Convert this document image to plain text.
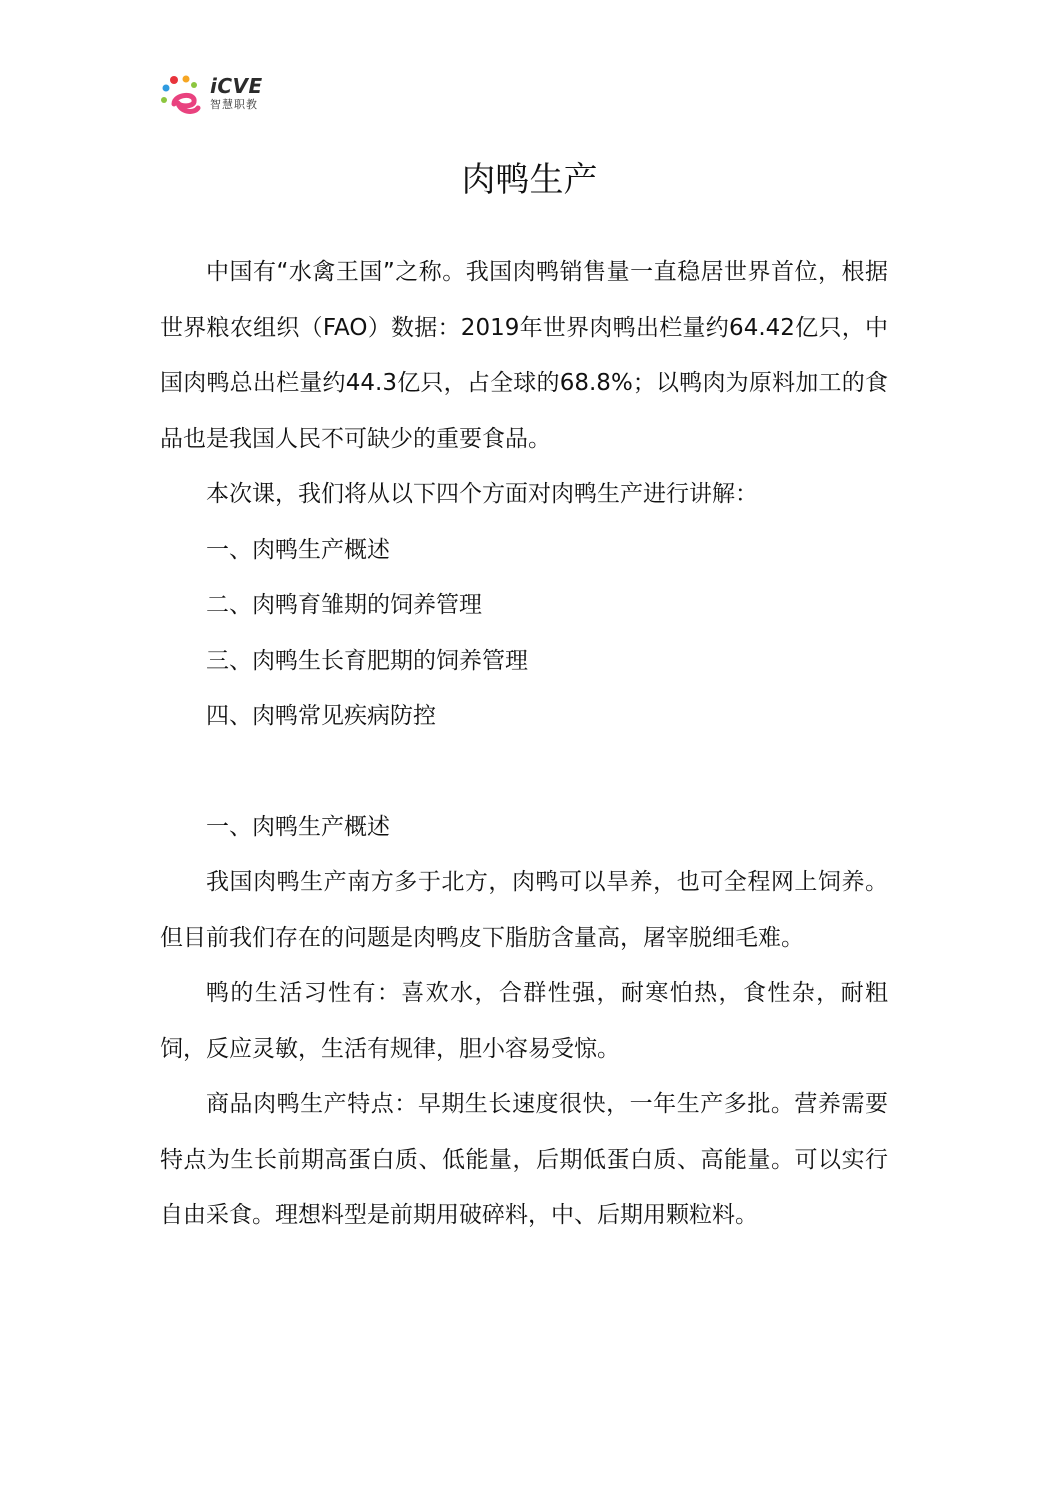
iCVE
智慧职教
肉鸭生产

中国有“水禽王国”之称。我国肉鸭销售量一直稳居世界首位，根据世界粮农组织（FAO）数据：2019年世界肉鸭出栏量约64.42亿只，中国肉鸭总出栏量约44.3亿只，占全球的68.8%；以鸭肉为原料加工的食品也是我国人民不可缺少的重要食品。

本次课，我们将从以下四个方面对肉鸭生产进行讲解：

一、肉鸭生产概述

二、肉鸭育雏期的饲养管理

三、肉鸭生长育肥期的饲养管理

四、肉鸭常见疾病防控

一、肉鸭生产概述

我国肉鸭生产南方多于北方，肉鸭可以旱养，也可全程网上饲养。但目前我们存在的问题是肉鸭皮下脂肪含量高，屠宰脱细毛难。

鸭的生活习性有：喜欢水，合群性强，耐寒怕热，食性杂，耐粗饲，反应灵敏，生活有规律，胆小容易受惊。

商品肉鸭生产特点：早期生长速度很快，一年生产多批。营养需要特点为生长前期高蛋白质、低能量，后期低蛋白质、高能量。可以实行自由采食。理想料型是前期用破碎料，中、后期用颗粒料。
